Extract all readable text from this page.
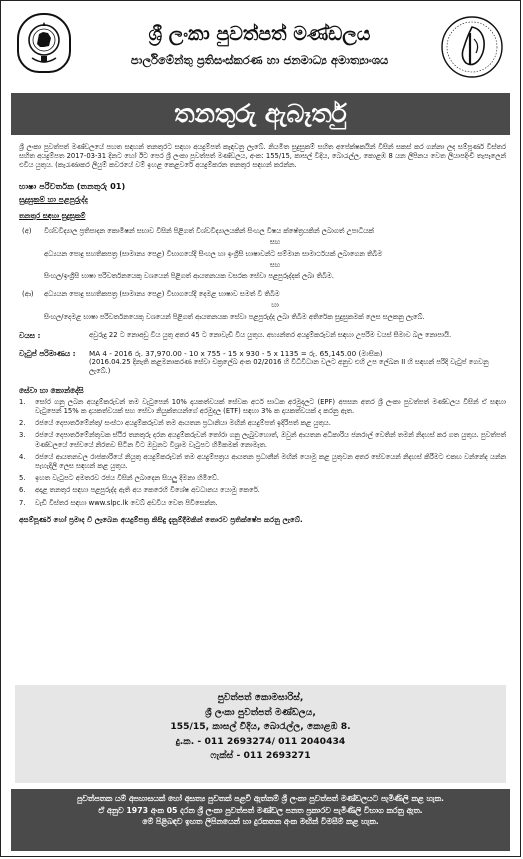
ශ්‍රී ලංකා පුවත්පත් මණ්ඩලය
පාර්ලිමේන්තු ප්‍රතිසංස්කරණ හා ජනමාධ්‍ය අමාත්‍යාංශය
තනතුරු ඇබෑර්තු
ශ්‍රී ලංකා පුවත්පත් මණ්ඩලයේ පහත සඳහන් තනතුරට සඳහා අයදුම්පත් කැඳවනු ලැබේ. නියමිත සුදුසුකම් සහිත අපේක්ෂකයින් විසින් සකස් කර ගන්නා ලද සම්පූර්ණ විස්තර සහිත අයදුම්පත 2017-03-31 දිනට හෝ ඊට පෙර ශ්‍රී ලංකා පුවත්පත් මණ්ඩලය, අංක: 155/15, කාසල් වීදිය, බොරැල්ල, කොළඹ 8 යන ලිපිනය වෙත ලියාපදිංචි තැපෑලෙන් එවිය යුතුය. (කැරැණාකර ලියුම් කවරයේ වම් ඉහළ කෙළවරේ අයදුම්කරන තනතුර සඳහන් කරන්න.
භාෂා පරිවර්තක (තනතුරු 01)
සුදුසුකම් හා පළපුරුද්ද
තනතුර සඳහා සුදුසුකම්
(අ)	විශ්වවිද්‍යාල ප්‍රතිපාදන කොමිෂන් සභාව විසින් පිළිගත් විශ්වවිද්‍යාලයකින් සිංහල විෂය ක්ෂේත්‍රයකින් ලබාගත් උපාධියක්
සහ
අධ්‍යයන පොදු සහතිකපත්‍ර (සාමාන්‍ය පෙළ) විභාගයේදී සිංහල හා ඉංග්‍රීසි භාෂාවන්ට සම්මාන සාමාර්ථයක් ලබාගෙන තිබීම
සහ
සිංහල/ඉංග්‍රීසි භාෂා පරිවර්තනයෙකු වශයෙන් පිළිගත් ආයතනයක වසරක සේවා පළපුරුද්දක් ලබා තිබීම.
(ආ)	අධ්‍යයන පොදු සහතිකපත්‍ර (සාමාන්‍ය පෙළ) විභාගයේදී දෙමළ භාෂාව සමත් වී තිබීම
හා
සිංහල/දෙමළ භාෂා පරිවර්තනයෙකු වශයෙන් පිළිගත් ආයතනයක සේවා පළපුරුද්ද ලබා තිබීම අතිරේක සුදුසුකමක් ලෙස සලකනු ලැබේ.
වයස :	අවුරුදු 22 ට නොඅඩු විය යුතු අතර 45 ට නොවැඩි විය යුතුය. අභ්‍යන්තර අයදුම්කරුවන් සඳහා උපරිම වයස් සීමාව බල නොපායි.
වැටුප් පරිමාණය :	MA 4 - 2016 රු. 37,970.00 - 10 x 755 - 15 x 930 - 5 x 1135 = රු. 65,145.00 (මාසික)
(2016.04.25 දිනැති කළමනාකරණ සේවා චක්‍රලේඛ අංක 02/2016 හි විධිවිධාන වලට අනුව එහි උප ලේඛන II හි සඳහන් පරිදි වැටුප් ගෙවනු ලැබේ.)
සේවා හා කොන්දේසි
1.	සෝර ගනු ලබන අයදුම්කරුවන් තම වැටුපෙන් 10% දායකත්වයක් සේවක අර්ථ සාධක අරමුදලට (EPF) අපසන අතර ශ්‍රී ලංකා පුවත්පත් මණ්ඩලය විසින් ඒ සඳහා වැටුපෙන් 15% ක දායකත්වයක් සහ සේවා නියුක්තයන්ගේ අරමුදල (ETF) සඳහා 3% ක දායකත්වයක් ද කරනු ඇත.
2.	රජයේ දෙපාර්තමේන්තු/ සංස්ථා අයදුම්කරුවන් තම ආයතන ප්‍රධානියා මඟින් අයදුම්පත් ඉදිරිපත් කළ යුතුය.
3.	රජයේ දෙපාර්තමේන්තුවක ස්ථිර තනතුරු දරන අයදුම්කරුවන් තෝරා ගනු ලැබුවහොත්, ඔවුන් ආයතන අධිකාරිය ජනරාල් වෙතින් තමන් නිදහස් කර ගත යුතුය. පුවත්පත් මණ්ඩලයේ සේවයේ නිරතව සිටින විට ඔවුනට විශ්‍රාම වැටුපට හිමිකමක් නොමැත.
4.	රජයේ ආයතනවල රාජකාරියේ නියුතු අයදුම්කරුවන් තම අයදුම්පත්‍රය ආයතන ප්‍රධානීන් මඟින් යොමු කළ යුතුවන අතර සේවයෙන් නිදහස් කිරීමට එකඟ වන්නේද යන්න පැහැදිලි ලෙස සඳහන් කළ යුතුය.
5.	ඉහත වැටුපට අමතරව රජය විසින් ලබාදෙන සියලු දීමනා හිමිවේ.
6.	අදාළ තනතුර සඳහා පළපුරුද්ද ඇති අය කෙරෙහි විශේෂ අවධානය යොමු කෙරේ.
7.	වැඩි විස්තර සඳහා www.slpc.lk වෙබ් අඩවිය වෙත පිවිසෙන්න.
අසම්පූර්ණ හෝ ප්‍රමාද වී ලැබෙන අයදුම්පත්‍ර කිසිදු දැනුම්දීමකින් තොරව ප්‍රතික්ෂේප කරනු ලැබේ.
පුවත්පත් කොමසාරිස්,
ශ්‍රී ලංකා පුවත්පත් මණ්ඩලය,
155/15, කාසල් වීදිය, බොරැල්ල, කොළඹ 8.
දු.ක. - 011 2693274/ 011 2040434
ෆැක්ස් - 011 2693271
පුවත්පතක යම් අපහාසයක් හෝ අසත්‍ය පුවතක් පළවී ඇත්නම් ශ්‍රී ලංකා පුවත්පත් මණ්ඩලයට පැමිණිලි කළ හැක.
ඒ අනුව 1973 අංක 05 දරන ශ්‍රී ලංකා පුවත්පත් මණ්ඩල පනත ප්‍රකාරව පැමිණිලි විභාග කරනු ඇත.
මේ පිළිබඳව ඉහත ලිපිනයෙන් හා දුරකතන අංක මඟින් විමසීම් කළ හැක.
